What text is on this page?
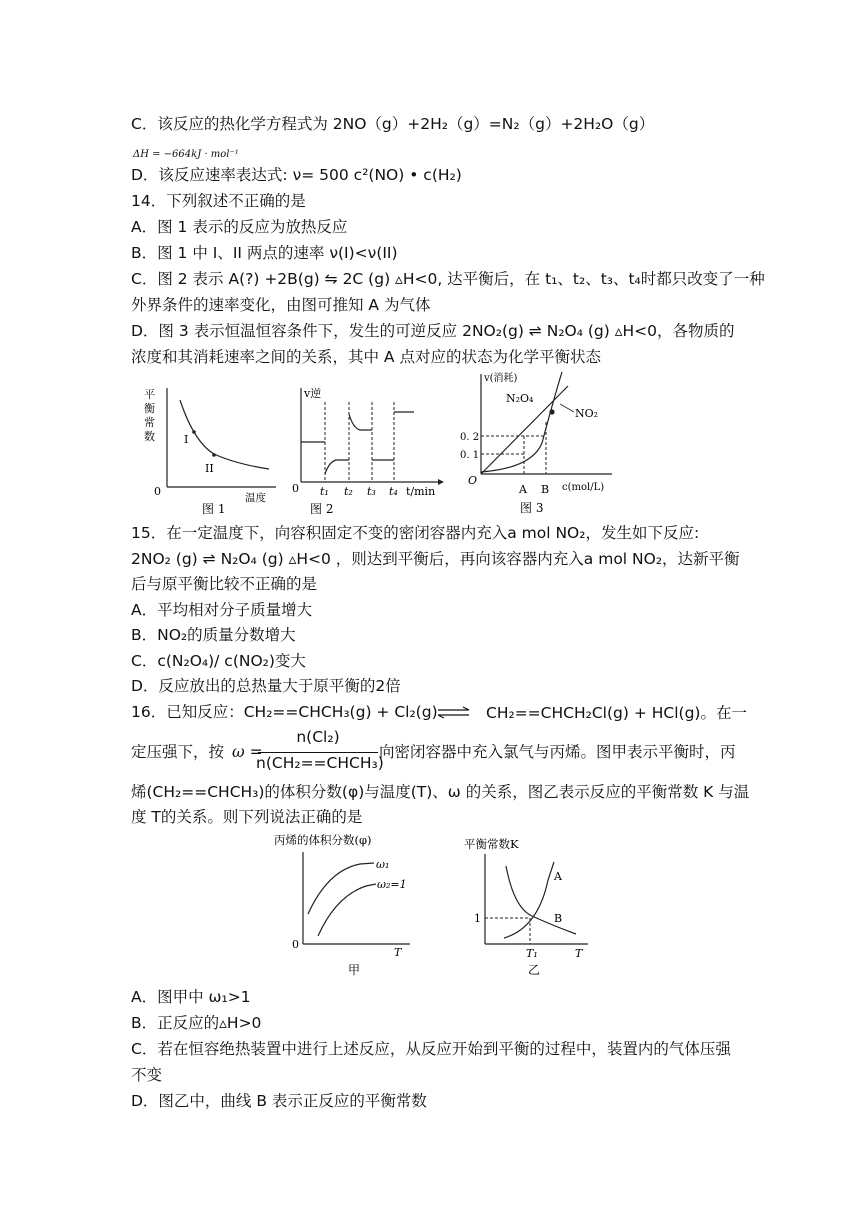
C．该反应的热化学方程式为 2NO（g）+2H₂（g）=N₂（g）+2H₂O（g）
ΔH = −664kJ · mol⁻¹
D．该反应速率表达式: ν= 500 c²(NO) • c(H₂)
14．下列叙述不正确的是
A．图 1 表示的反应为放热反应
B．图 1 中 I、II 两点的速率 ν(I)<ν(II)
C．图 2 表示 A(?) +2B(g) ⇋ 2C (g) ▵H<0, 达平衡后，在 t₁、t₂、t₃、t₄时都只改变了一种
外界条件的速率变化，由图可推知 A 为气体
D．图 3 表示恒温恒容条件下，发生的可逆反应 2NO₂(g) ⇌ N₂O₄ (g) ▵H<0，各物质的
浓度和其消耗速率之间的关系，其中 A 点对应的状态为化学平衡状态
平
衡
常
数	I
II
0	温度
图 1
v逆
0 t₁ t₂ t₃ t₄ t/min
图 2
v(消耗)
N₂O₄
NO₂
0. 2
0. 1
O
A B c(mol/L)
图 3
15．在一定温度下，向容积固定不变的密闭容器内充入a mol NO₂，发生如下反应:
2NO₂ (g) ⇌ N₂O₄ (g) ▵H<0 ，则达到平衡后，再向该容器内充入a mol NO₂，达新平衡
后与原平衡比较不正确的是
A．平均相对分子质量增大
B．NO₂的质量分数增大
C．c(N₂O₄)/ c(NO₂)变大
D．反应放出的总热量大于原平衡的2倍
16．已知反应：CH₂==CHCH₃(g) + Cl₂(g) ⇌ CH₂==CHCH₂Cl(g) + HCl(g)。在一
定压强下，按 ω =
n(Cl₂)
n(CH₂==CHCH₃)
向密闭容器中充入氯气与丙烯。图甲表示平衡时，丙
烯(CH₂==CHCH₃)的体积分数(φ)与温度(T)、ω 的关系，图乙表示反应的平衡常数 K 与温
度 T的关系。则下列说法正确的是
丙烯的体积分数(φ)
ω₁
ω₂=1
0
T
甲
平衡常数K
A
B
1
T₁	T
乙
A．图甲中 ω₁>1
B．正反应的▵H>0
C．若在恒容绝热装置中进行上述反应，从反应开始到平衡的过程中，装置内的气体压强
不变
D．图乙中，曲线 B 表示正反应的平衡常数
